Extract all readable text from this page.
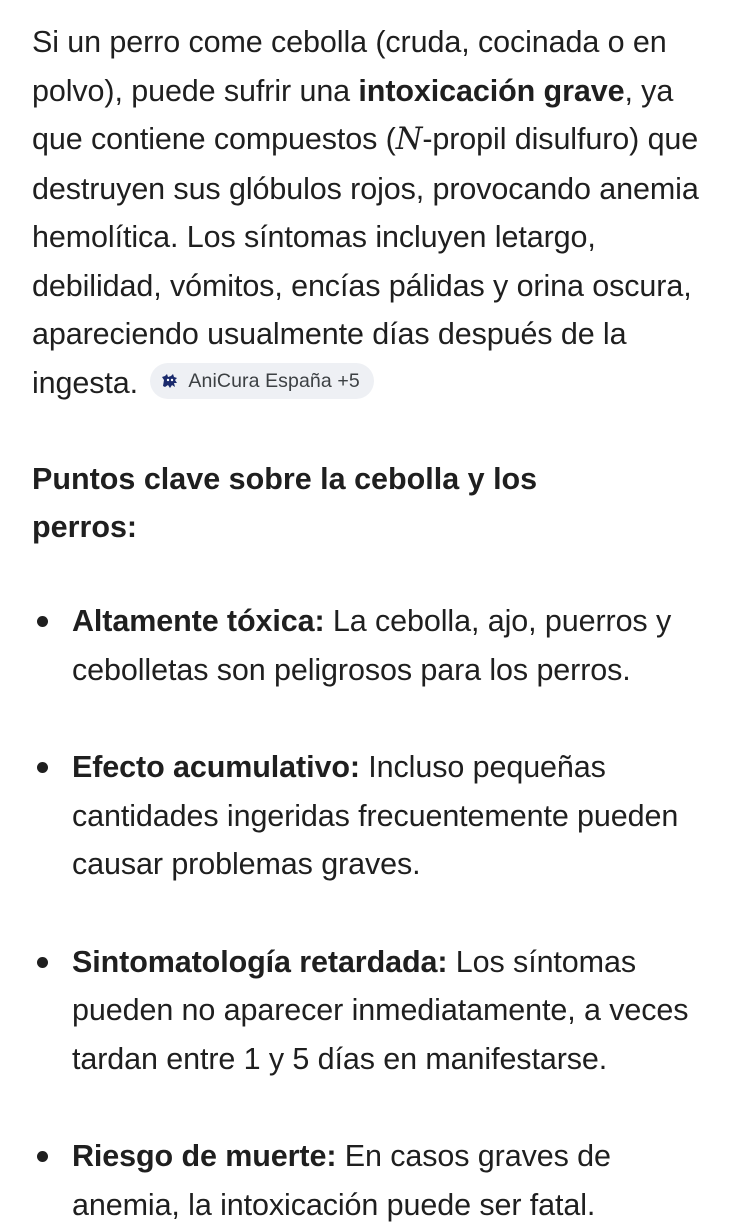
Si un perro come cebolla (cruda, cocinada o en polvo), puede sufrir una intoxicación grave, ya que contiene compuestos (N-propil disulfuro) que destruyen sus glóbulos rojos, provocando anemia hemolítica. Los síntomas incluyen letargo, debilidad, vómitos, encías pálidas y orina oscura, apareciendo usualmente días después de la ingesta.	AniCura España +5

Puntos clave sobre la cebolla y los perros:
Altamente tóxica: La cebolla, ajo, puerros y cebolletas son peligrosos para los perros.
Efecto acumulativo: Incluso pequeñas cantidades ingeridas frecuentemente pueden causar problemas graves.
Sintomatología retardada: Los síntomas pueden no aparecer inmediatamente, a veces tardan entre 1 y 5 días en manifestarse.
Riesgo de muerte: En casos graves de anemia, la intoxicación puede ser fatal.
